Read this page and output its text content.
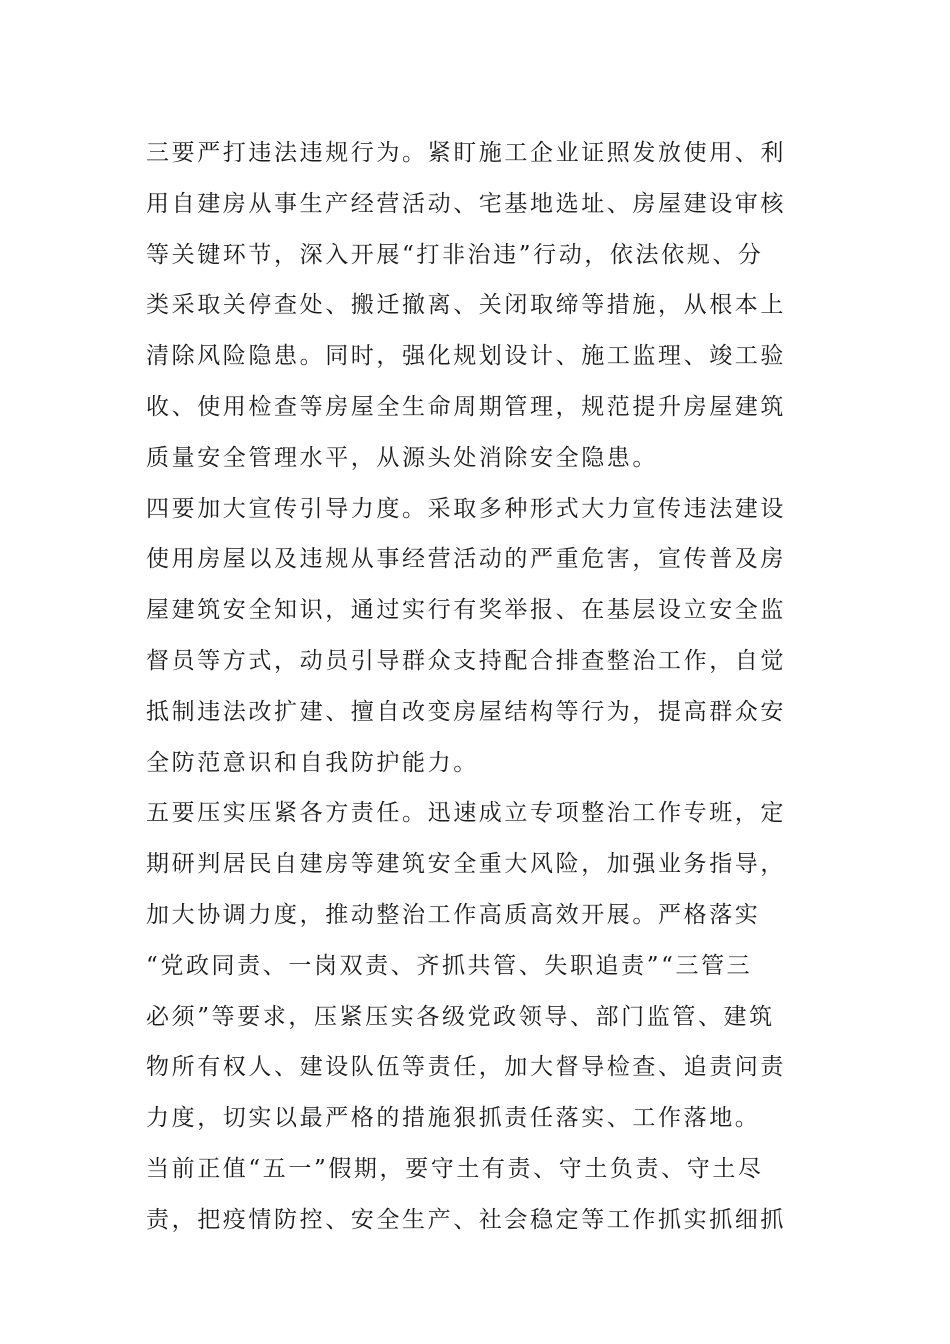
三要严打违法违规行为。紧盯施工企业证照发放使用、利
用自建房从事生产经营活动、宅基地选址、房屋建设审核
等关键环节，深入开展“打非治违”行动，依法依规、分
类采取关停查处、搬迁撤离、关闭取缔等措施，从根本上
清除风险隐患。同时，强化规划设计、施工监理、竣工验
收、使用检查等房屋全生命周期管理，规范提升房屋建筑
质量安全管理水平，从源头处消除安全隐患。
四要加大宣传引导力度。采取多种形式大力宣传违法建设
使用房屋以及违规从事经营活动的严重危害，宣传普及房
屋建筑安全知识，通过实行有奖举报、在基层设立安全监
督员等方式，动员引导群众支持配合排查整治工作，自觉
抵制违法改扩建、擅自改变房屋结构等行为，提高群众安
全防范意识和自我防护能力。
五要压实压紧各方责任。迅速成立专项整治工作专班，定
期研判居民自建房等建筑安全重大风险，加强业务指导，
加大协调力度，推动整治工作高质高效开展。严格落实
“党政同责、一岗双责、齐抓共管、失职追责”“三管三
必须”等要求，压紧压实各级党政领导、部门监管、建筑
物所有权人、建设队伍等责任，加大督导检查、追责问责
力度，切实以最严格的措施狠抓责任落实、工作落地。
当前正值“五一”假期，要守土有责、守土负责、守土尽
责，把疫情防控、安全生产、社会稳定等工作抓实抓细抓
